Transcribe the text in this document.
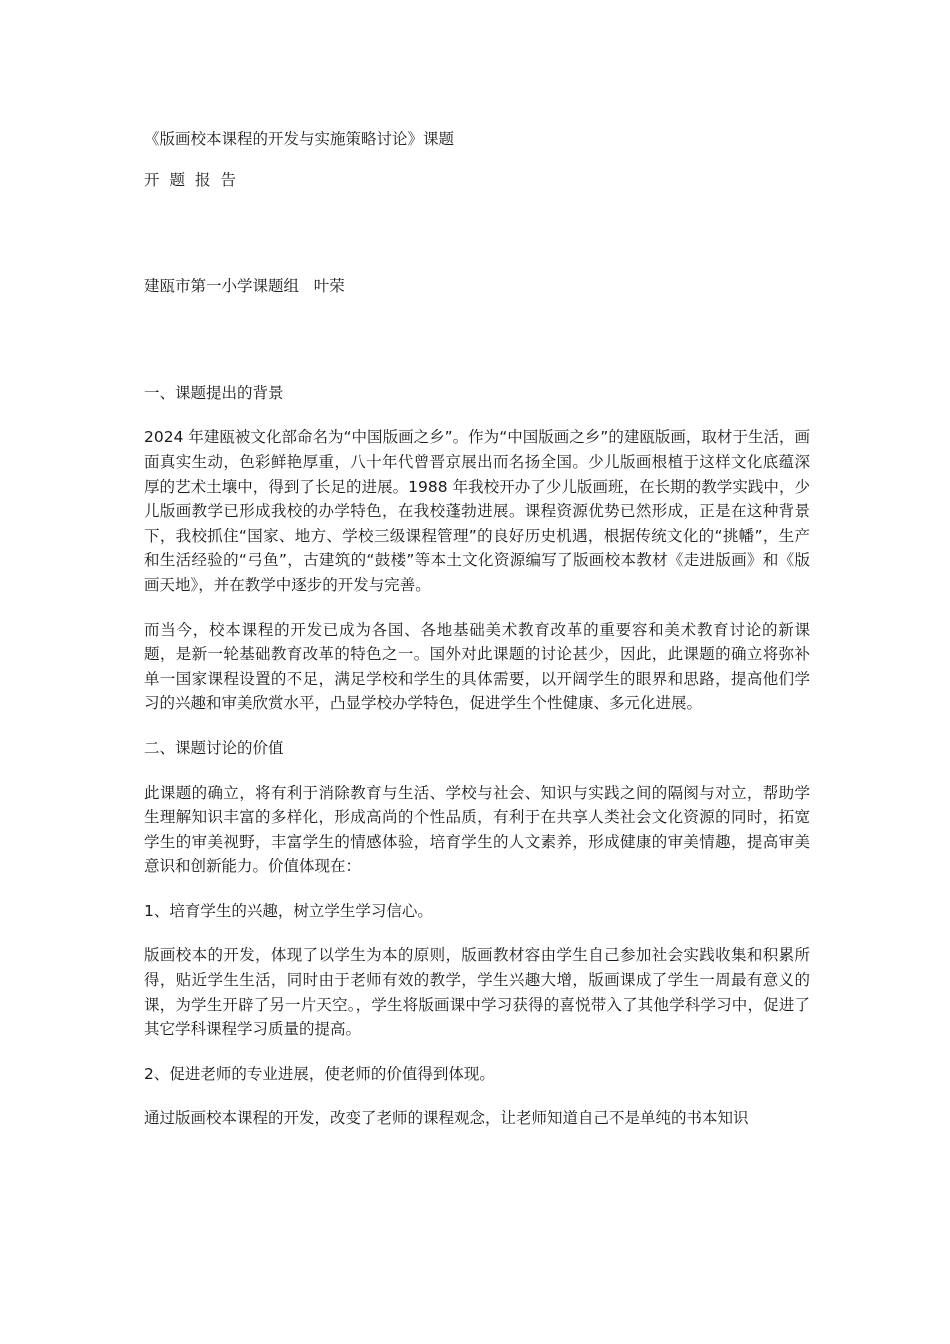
《版画校本课程的开发与实施策略讨论》课题

开题报告

建瓯市第一小学课题组   叶荣

一、课题提出的背景

2024 年建瓯被文化部命名为“中国版画之乡”。作为“中国版画之乡”的建瓯版画，取材于生活，画面真实生动，色彩鲜艳厚重，八十年代曾晋京展出而名扬全国。少儿版画根植于这样文化底蕴深厚的艺术土壤中，得到了长足的进展。1988 年我校开办了少儿版画班，在长期的教学实践中，少儿版画教学已形成我校的办学特色，在我校蓬勃进展。课程资源优势已然形成，正是在这种背景下，我校抓住“国家、地方、学校三级课程管理”的良好历史机遇，根据传统文化的“挑幡”，生产和生活经验的“弓鱼”，古建筑的“鼓楼”等本土文化资源编写了版画校本教材《走进版画》和《版画天地》，并在教学中逐步的开发与完善。

而当今，校本课程的开发已成为各国、各地基础美术教育改革的重要容和美术教育讨论的新课题，是新一轮基础教育改革的特色之一。国外对此课题的讨论甚少，因此，此课题的确立将弥补单一国家课程设置的不足，满足学校和学生的具体需要，以开阔学生的眼界和思路，提高他们学习的兴趣和审美欣赏水平，凸显学校办学特色，促进学生个性健康、多元化进展。

二、课题讨论的价值

此课题的确立，将有利于消除教育与生活、学校与社会、知识与实践之间的隔阂与对立，帮助学生理解知识丰富的多样化，形成高尚的个性品质，有利于在共享人类社会文化资源的同时，拓宽学生的审美视野，丰富学生的情感体验，培育学生的人文素养，形成健康的审美情趣，提高审美意识和创新能力。价值体现在：

1、培育学生的兴趣，树立学生学习信心。

版画校本的开发，体现了以学生为本的原则，版画教材容由学生自己参加社会实践收集和积累所得，贴近学生生活，同时由于老师有效的教学，学生兴趣大增，版画课成了学生一周最有意义的课，为学生开辟了另一片天空。，学生将版画课中学习获得的喜悦带入了其他学科学习中，促进了其它学科课程学习质量的提高。

2、促进老师的专业进展，使老师的价值得到体现。

通过版画校本课程的开发，改变了老师的课程观念，让老师知道自己不是单纯的书本知识
